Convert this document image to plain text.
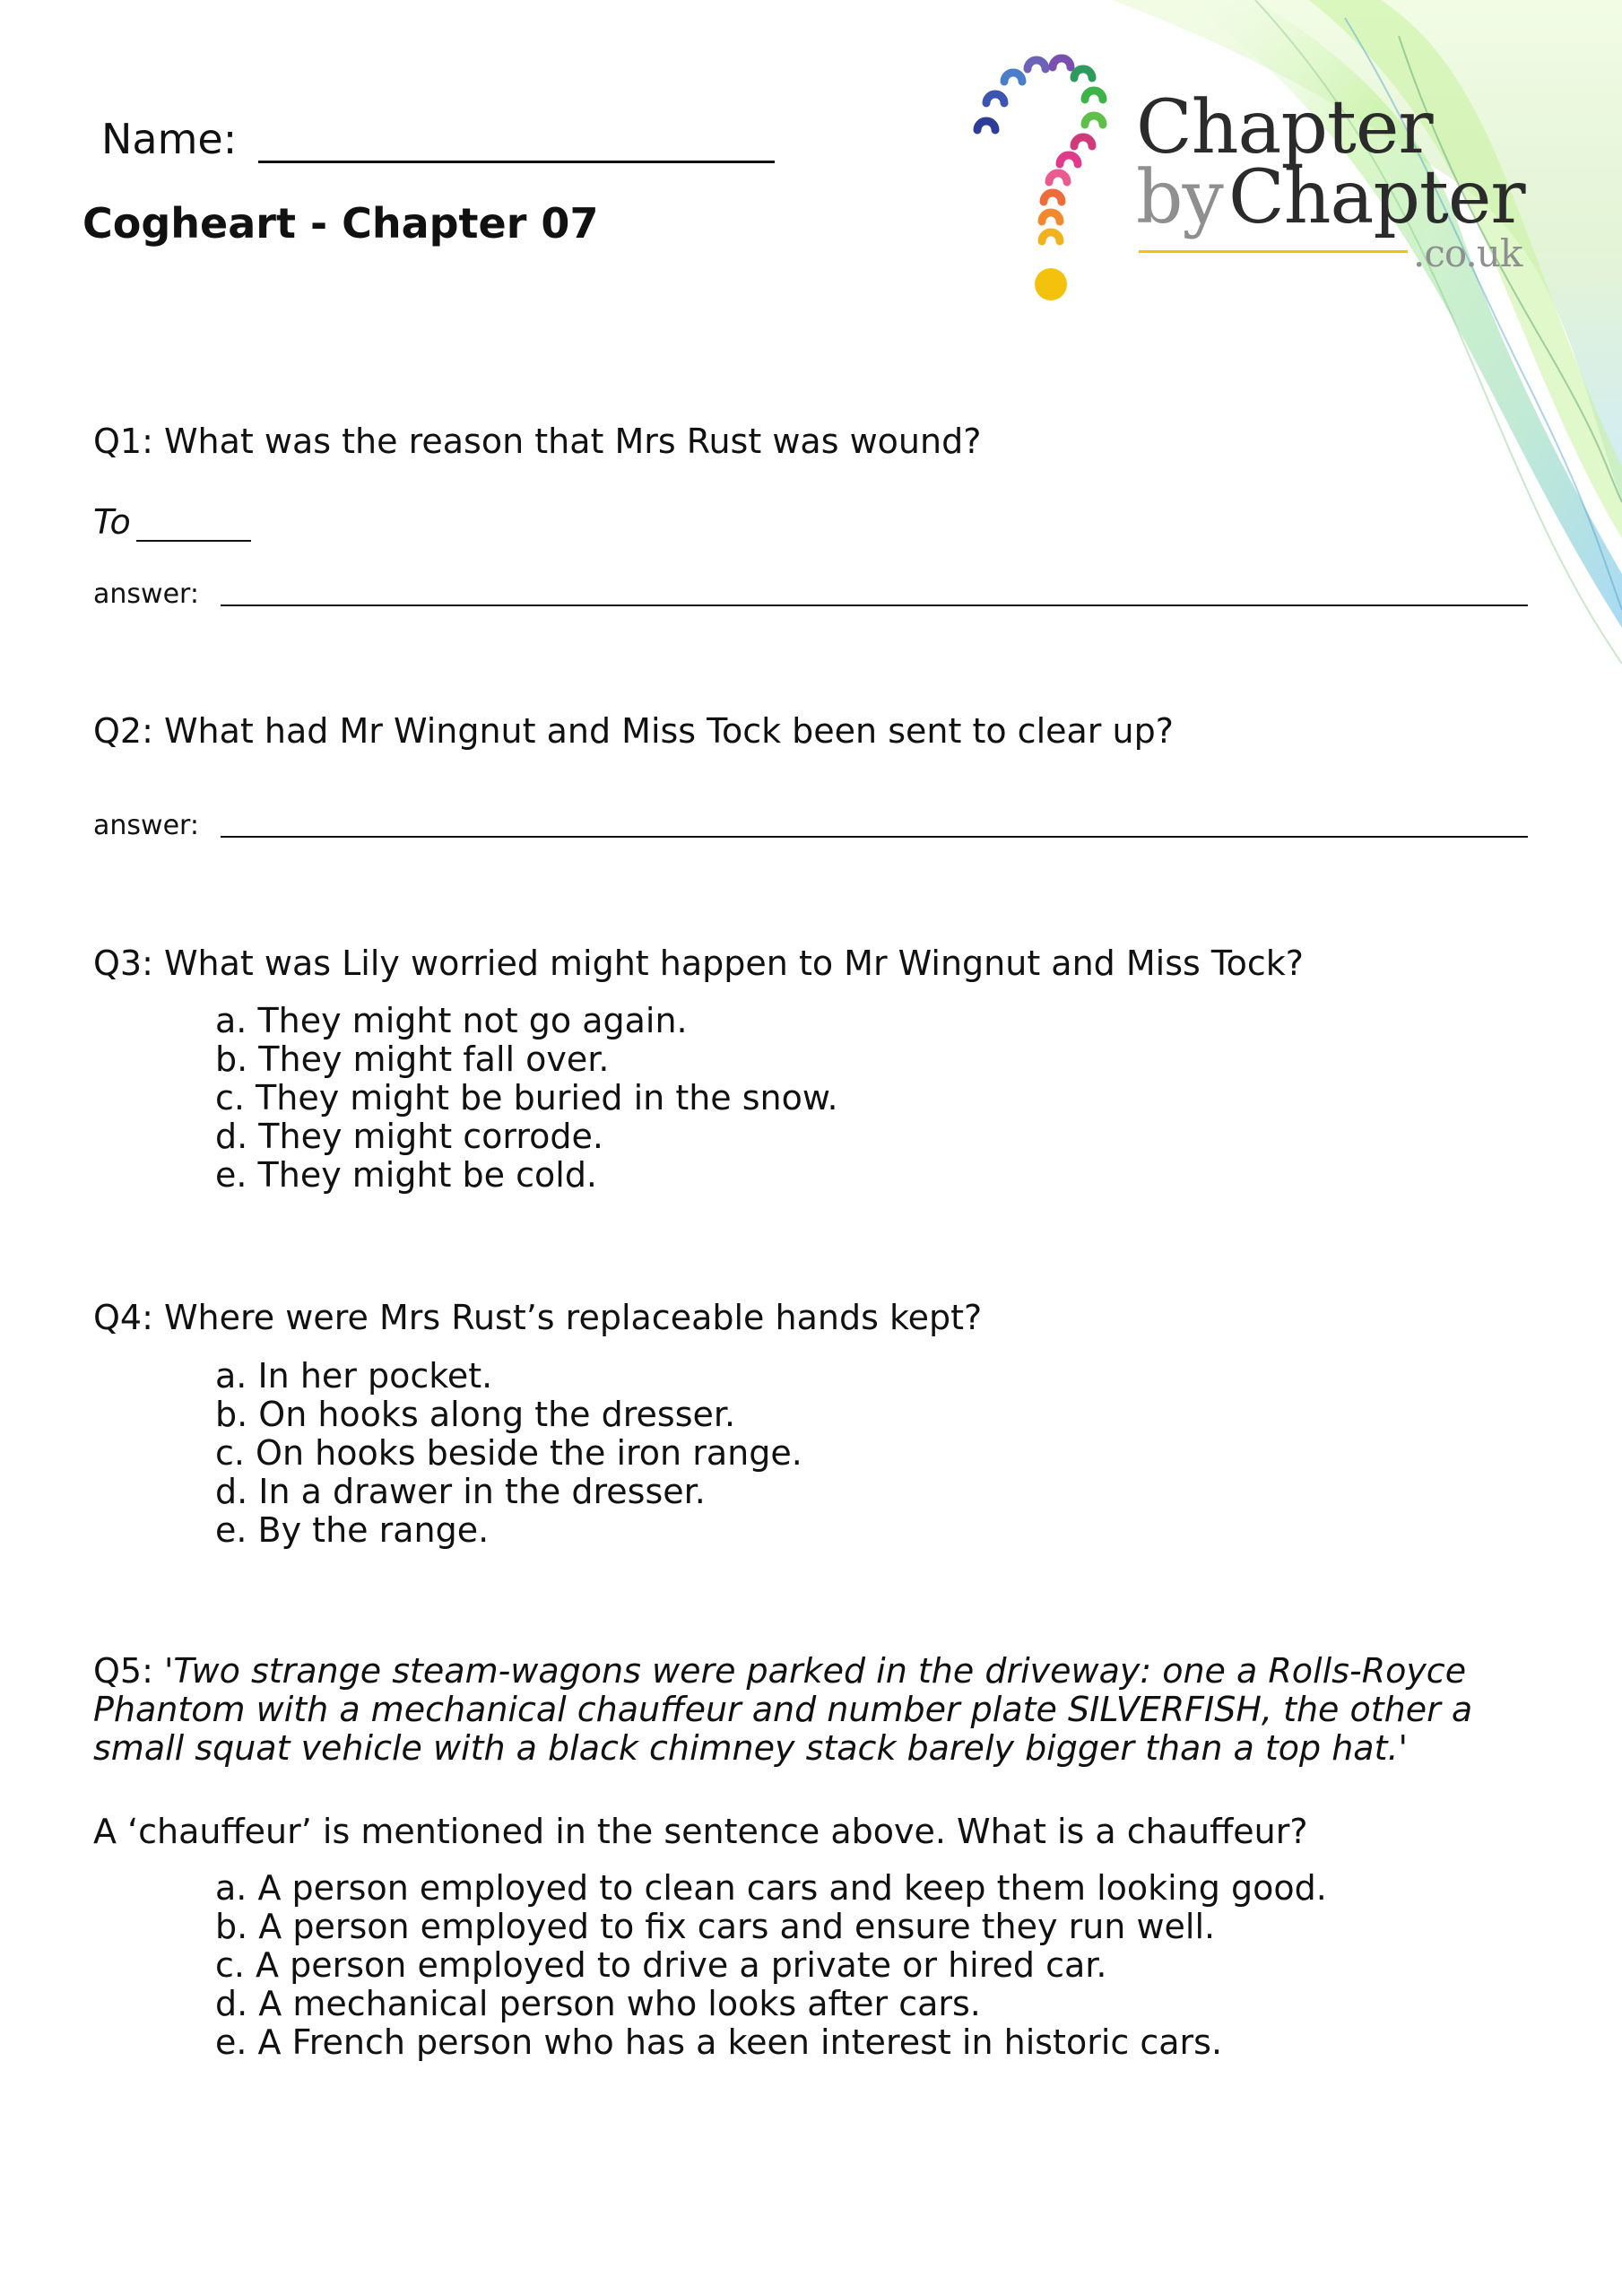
Chapter
by Chapter
.co.uk
Name:
Cogheart - Chapter 07
Q1: What was the reason that Mrs Rust was wound?
To
answer:
Q2: What had Mr Wingnut and Miss Tock been sent to clear up?
answer:
Q3: What was Lily worried might happen to Mr Wingnut and Miss Tock?
a. They might not go again.
b. They might fall over.
c. They might be buried in the snow.
d. They might corrode.
e. They might be cold.
Q4: Where were Mrs Rust’s replaceable hands kept?
a. In her pocket.
b. On hooks along the dresser.
c. On hooks beside the iron range.
d. In a drawer in the dresser.
e. By the range.
Q5: 'Two strange steam-wagons were parked in the driveway: one a Rolls-Royce Phantom with a mechanical chauffeur and number plate SILVERFISH, the other a small squat vehicle with a black chimney stack barely bigger than a top hat.'
A ‘chauffeur’ is mentioned in the sentence above. What is a chauffeur?
a. A person employed to clean cars and keep them looking good.
b. A person employed to fix cars and ensure they run well.
c. A person employed to drive a private or hired car.
d. A mechanical person who looks after cars.
e. A French person who has a keen interest in historic cars.
